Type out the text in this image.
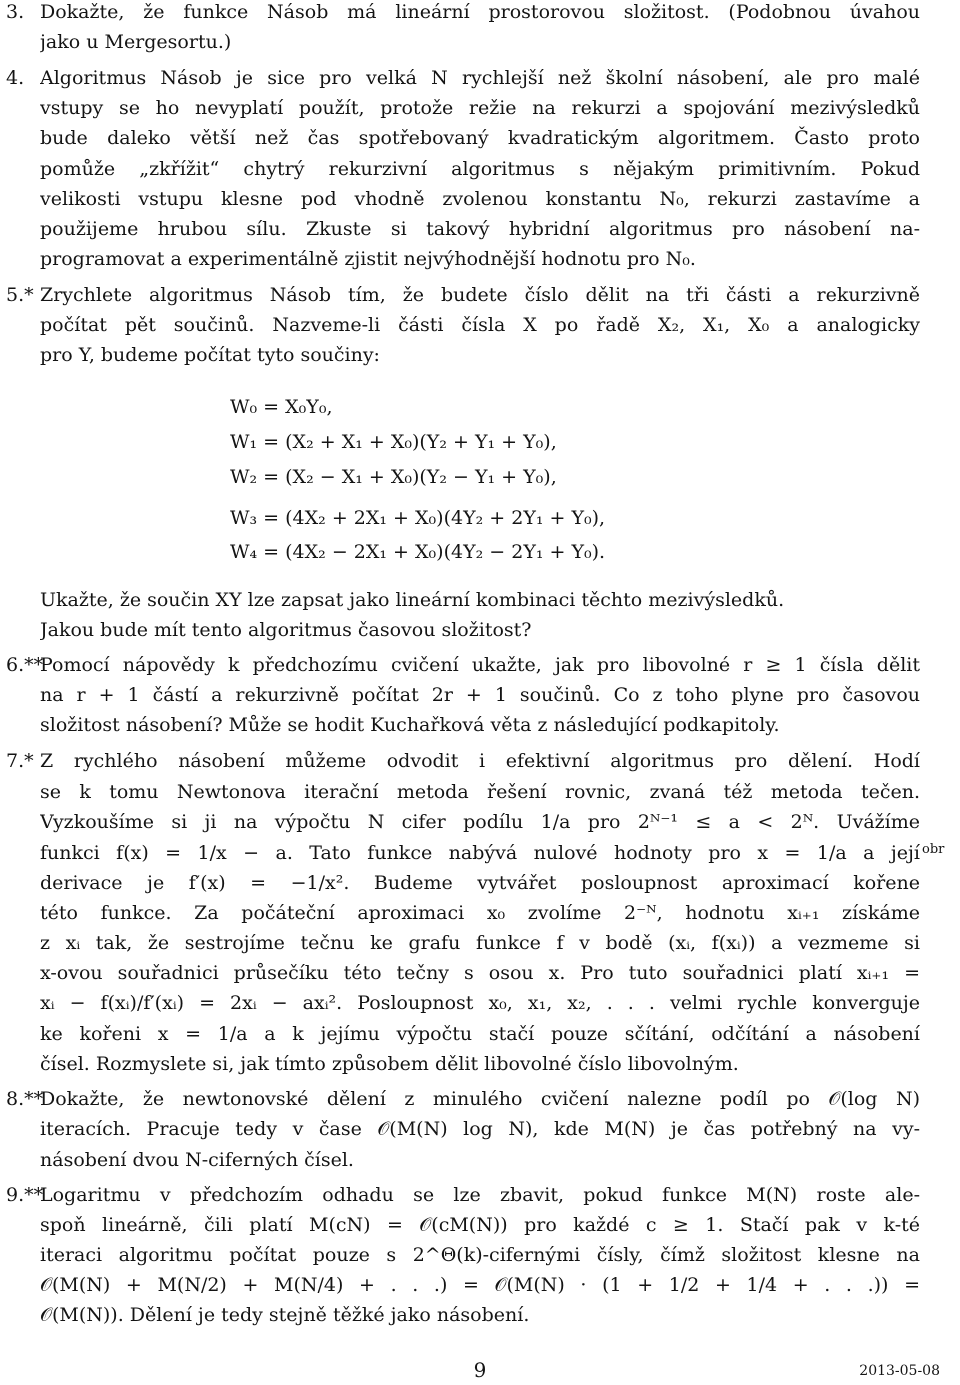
3. Dokažte, že funkce Násob má lineární prostorovou složitost. (Podobnou úvahou
jako u Mergesortu.)
4. Algoritmus Násob je sice pro velká N rychlejší než školní násobení, ale pro malé
vstupy se ho nevyplatí použít, protože režie na rekurzi a spojování mezivýsledků
bude daleko větší než čas spotřebovaný kvadratickým algoritmem. Často proto
pomůže „zkřížit“ chytrý rekurzivní algoritmus s nějakým primitivním. Pokud
velikosti vstupu klesne pod vhodně zvolenou konstantu N₀, rekurzi zastavíme a
použijeme hrubou sílu. Zkuste si takový hybridní algoritmus pro násobení na-
programovat a experimentálně zjistit nejvýhodnější hodnotu pro N₀.
5.* Zrychlete algoritmus Násob tím, že budete číslo dělit na tři části a rekurzivně
počítat pět součinů. Nazveme-li části čísla X po řadě X₂, X₁, X₀ a analogicky
pro Y, budeme počítat tyto součiny:
W₀ = X₀Y₀,
W₁ = (X₂ + X₁ + X₀)(Y₂ + Y₁ + Y₀),
W₂ = (X₂ − X₁ + X₀)(Y₂ − Y₁ + Y₀),
W₃ = (4X₂ + 2X₁ + X₀)(4Y₂ + 2Y₁ + Y₀),
W₄ = (4X₂ − 2X₁ + X₀)(4Y₂ − 2Y₁ + Y₀).
Ukažte, že součin XY lze zapsat jako lineární kombinaci těchto mezivýsledků.
Jakou bude mít tento algoritmus časovou složitost?
6.**
Pomocí nápovědy k předchozímu cvičení ukažte, jak pro libovolné r ≥ 1 čísla dělit
na r + 1 částí a rekurzivně počítat 2r + 1 součinů. Co z toho plyne pro časovou
složitost násobení? Může se hodit Kuchařková věta z následující podkapitoly.
7.* Z rychlého násobení můžeme odvodit i efektivní algoritmus pro dělení. Hodí
se k tomu Newtonova iterační metoda řešení rovnic, zvaná též metoda tečen.
Vyzkoušíme si ji na výpočtu N cifer podílu 1/a pro 2ᴺ⁻¹ ≤ a < 2ᴺ. Uvážíme
funkci f(x) = 1/x − a. Tato funkce nabývá nulové hodnoty pro x = 1/a a její
derivace je f′(x) = −1/x². Budeme vytvářet posloupnost aproximací kořene
této funkce. Za počáteční aproximaci x₀ zvolíme 2⁻ᴺ, hodnotu xᵢ₊₁ získáme
z xᵢ tak, že sestrojíme tečnu ke grafu funkce f v bodě (xᵢ, f(xᵢ)) a vezmeme si
x-ovou souřadnici průsečíku této tečny s osou x. Pro tuto souřadnici platí xᵢ₊₁ =
xᵢ − f(xᵢ)/f′(xᵢ) = 2xᵢ − axᵢ². Posloupnost x₀, x₁, x₂, . . . velmi rychle konverguje
ke kořeni x = 1/a a k jejímu výpočtu stačí pouze sčítání, odčítání a násobení
čísel. Rozmyslete si, jak tímto způsobem dělit libovolné číslo libovolným.
obr
8.**
Dokažte, že newtonovské dělení z minulého cvičení nalezne podíl po 𝒪(log N)
iteracích. Pracuje tedy v čase 𝒪(M(N) log N), kde M(N) je čas potřebný na vy-
násobení dvou N-ciferných čísel.
9.**
Logaritmu v předchozím odhadu se lze zbavit, pokud funkce M(N) roste ale-
spoň lineárně, čili platí M(cN) = 𝒪(cM(N)) pro každé c ≥ 1. Stačí pak v k-té
iteraci algoritmu počítat pouze s 2^Θ(k)-cifernými čísly, čímž složitost klesne na
𝒪(M(N) + M(N/2) + M(N/4) + . . .) = 𝒪(M(N) · (1 + 1/2 + 1/4 + . . .)) =
𝒪(M(N)). Dělení je tedy stejně těžké jako násobení.
9	2013-05-08
